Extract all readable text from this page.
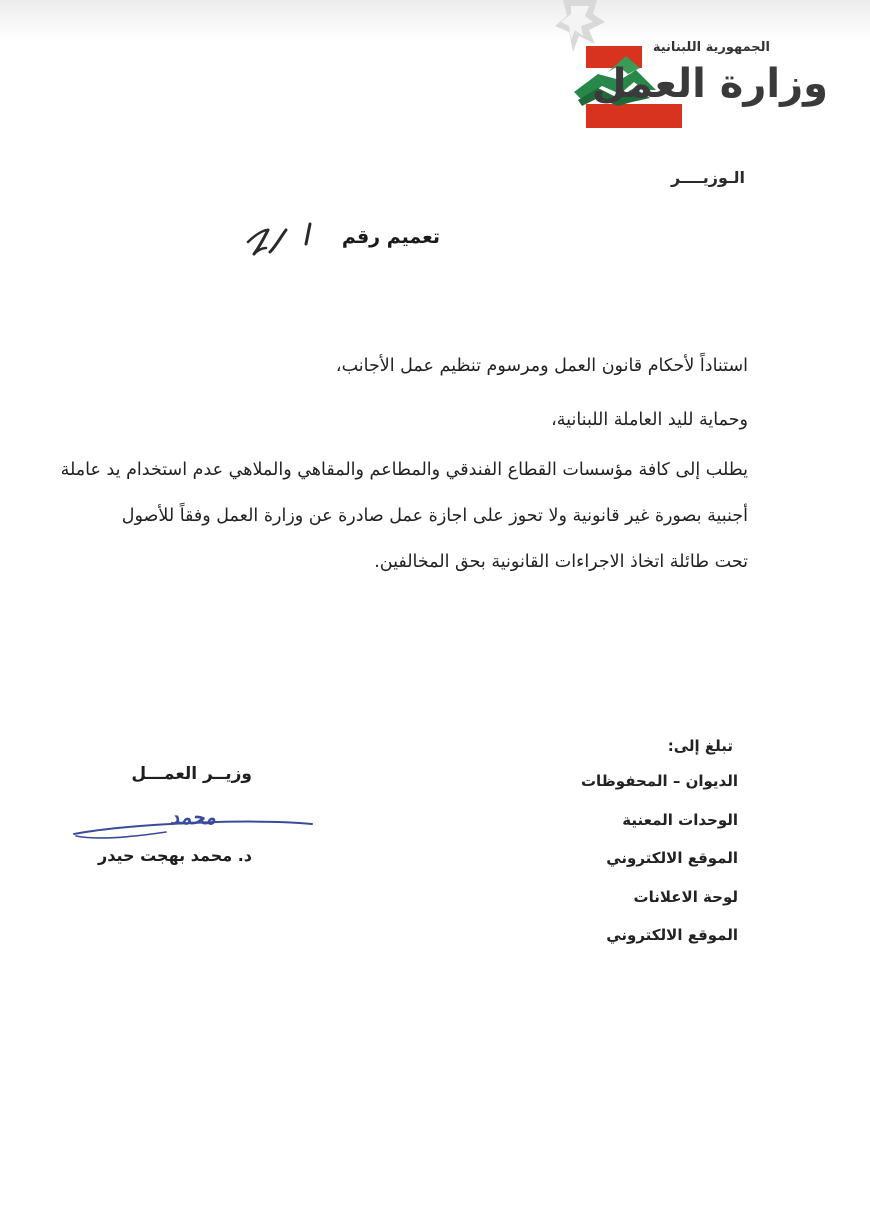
الجمهورية اللبنانية
وزارة العمل
الـوزيــــر
تعميم رقم
استناداً لأحكام قانون العمل ومرسوم تنظيم عمل الأجانب،
وحماية لليد العاملة اللبنانية،
يطلب إلى كافة مؤسسات القطاع الفندقي والمطاعم والمقاهي والملاهي عدم استخدام يد عاملة
أجنبية بصورة غير قانونية ولا تحوز على اجازة عمل صادرة عن وزارة العمل وفقاً للأصول
تحت طائلة اتخاذ الاجراءات القانونية بحق المخالفين.
تبلغ إلى:
الديوان – المحفوظات
الوحدات المعنية
الموقع الالكتروني
لوحة الاعلانات
الموقع الالكتروني
وزيــر العمـــل
محمد
د. محمد بهجت حيدر
